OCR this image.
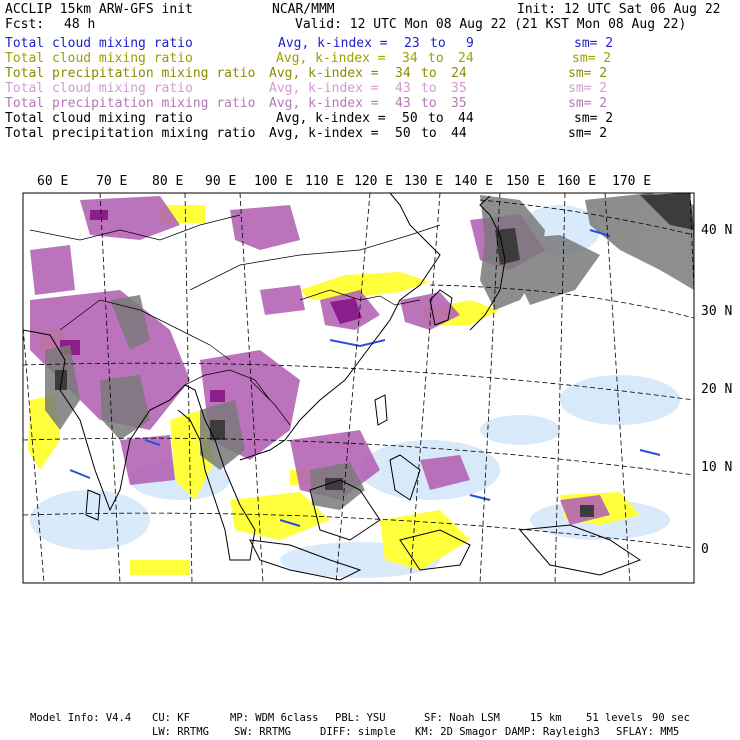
ACCLIP 15km ARW-GFS init	NCAR/MMM	Init: 12 UTC Sat 06 Aug 22
Fcst: 48 h	Valid: 12 UTC Mon 08 Aug 22 (21 KST Mon 08 Aug 22)
Total cloud mixing ratio	Avg, k-index = 23 to 9	sm= 2
Total cloud mixing ratio	Avg, k-index = 34 to 24	sm= 2
Total precipitation mixing ratio Avg, k-index = 34 to 24	sm= 2
Total cloud mixing ratio	Avg, k-index = 43 to 35	sm= 2
Total precipitation mixing ratio Avg, k-index = 43 to 35	sm= 2
Total cloud mixing ratio	Avg, k-index = 50 to 44	sm= 2
Total precipitation mixing ratio Avg, k-index = 50 to 44	sm= 2
60 E 70 E 80 E 90 E 100 E 110 E 120 E 130 E 140 E 150 E 160 E 170 E
40 N
30 N
20 N
10 N
0
Model Info: V4.4 CU: KF	MP: WDM 6class PBL: YSU	SF: Noah LSM	15 km 51 levels 90 sec
LW: RRTMG SW: RRTMG	DIFF: simple KM: 2D Smagor DAMP: Rayleigh3 SFLAY: MM5
